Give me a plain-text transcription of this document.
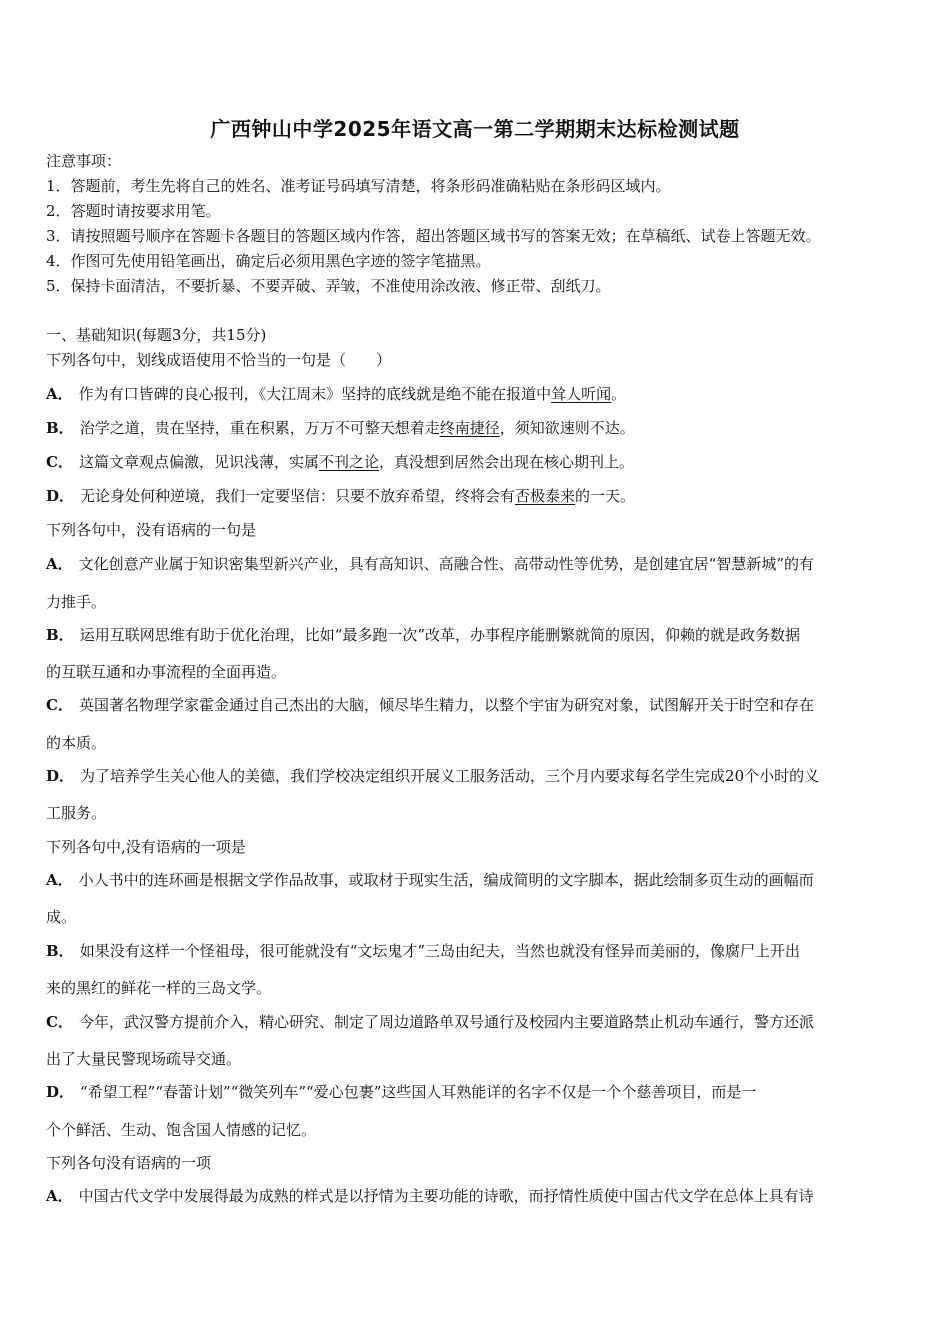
广西钟山中学2025年语文高一第二学期期末达标检测试题
注意事项：
1．答题前，考生先将自己的姓名、准考证号码填写清楚，将条形码准确粘贴在条形码区域内。
2．答题时请按要求用笔。
3．请按照题号顺序在答题卡各题目的答题区域内作答，超出答题区域书写的答案无效；在草稿纸、试卷上答题无效。
4．作图可先使用铅笔画出，确定后必须用黑色字迹的签字笔描黑。
5．保持卡面清洁，不要折暴、不要弄破、弄皱，不准使用涂改液、修正带、刮纸刀。
一、基础知识(每题3分，共15分)
下列各句中，划线成语使用不恰当的一句是（　　）
A． 作为有口皆碑的良心报刊，《大江周末》坚持的底线就是绝不能在报道中耸人听闻。
B． 治学之道，贵在坚持，重在积累，万万不可整天想着走终南捷径，须知欲速则不达。
C． 这篇文章观点偏激，见识浅薄，实属不刊之论，真没想到居然会出现在核心期刊上。
D． 无论身处何种逆境，我们一定要坚信：只要不放弃希望，终将会有否极泰来的一天。
下列各句中，没有语病的一句是
A． 文化创意产业属于知识密集型新兴产业，具有高知识、高融合性、高带动性等优势，是创建宜居“智慧新城”的有
力推手。
B． 运用互联网思维有助于优化治理，比如“最多跑一次”改革，办事程序能删繁就简的原因，仰赖的就是政务数据
的互联互通和办事流程的全面再造。
C． 英国著名物理学家霍金通过自己杰出的大脑，倾尽毕生精力，以整个宇宙为研究对象，试图解开关于时空和存在
的本质。
D． 为了培养学生关心他人的美德，我们学校决定组织开展义工服务活动，三个月内要求每名学生完成20个小时的义
工服务。
下列各句中,没有语病的一项是
A． 小人书中的连环画是根据文学作品故事，或取材于现实生活，编成简明的文字脚本，据此绘制多页生动的画幅而
成。
B． 如果没有这样一个怪祖母，很可能就没有“文坛鬼才”三岛由纪夫，当然也就没有怪异而美丽的，像腐尸上开出
来的黑红的鲜花一样的三岛文学。
C． 今年，武汉警方提前介入，精心研究、制定了周边道路单双号通行及校园内主要道路禁止机动车通行，警方还派
出了大量民警现场疏导交通。
D． “希望工程”“春蕾计划”“微笑列车”“爱心包裹”这些国人耳熟能详的名字不仅是一个个慈善项目，而是一
个个鲜活、生动、饱含国人情感的记忆。
下列各句没有语病的一项
A． 中国古代文学中发展得最为成熟的样式是以抒情为主要功能的诗歌，而抒情性质使中国古代文学在总体上具有诗
